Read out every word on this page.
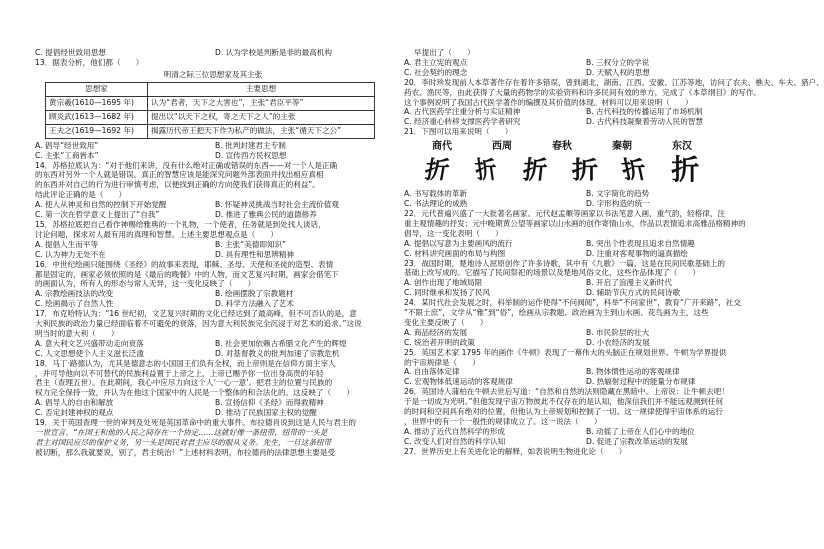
C. 提倡经世致用思想	D. 认为学校是判断是非的最高机构

13．据表分析，他们都（　　）

明清之际三位思想家及其主张

思想家	主要思想
黄宗羲(1610—1695 年)	认为“君者，天下之大害也”，主张“君臣平等”
顾炎武(1613—1682 年)	提出以“以天下之权，寄之天下之人”的主张
王夫之(1619—1692 年)	揭露历代帝王把天下作为私产的做法，主张“循天下之公”
A. 倡导“经世致用”	B. 批判封建君主专制
C. 主张“工商皆本”	D. 宣传西方民权思想

14．苏格拉底认为：“对于他们来讲，没有什么绝对正确或错误的东西——对一个人是正确

的东西对另外一个人就是错误。真正的智慧应该是能深究问题外部表面并找出相应真相

的东西并对自己的行为进行审慎考虑，以便找到正确的方向使我们获得真正的利益”。

结此评论正确的是（　　）

A. 使人从神灵和自然的控制下开始觉醒	B. 怀疑神灵挑战当时社会主流价值观
C. 第一次在哲学意义上提出了“自我”	D. 推进了雅典公民的道德修养

15．苏格拉底把自己看作神赐给雅典的一个礼物，一个使者，任务就是到处找人谈话，

讨论问题，探求对人最有用的真理和智慧。上述主要思想观点是（　　）

A. 提倡人生而平等	B. 主张“美德即知识”
C. 认为神力无处不在	D. 具有理性和思辨精神

16．中世纪绘画只能围绕《圣经》的故事来表现，耶稣、圣母、天使和圣徒的造型、表情

都是固定的，画家必须依照的是《最后的晚餐》中的人物，而文艺复兴时期，画家会借笔下

的画面认为，所有人的形态与常人无异，这一变化反映了（　　）

A. 宗教绘画技法的改变	B. 绘画摆脱了宗教题材
C. 绘画揭示了自然人性	D. 科学方法融入了艺术

17．布克哈特认为：“16 世纪初，文艺复兴时期的文化已经达到了最高峰，但不可否认的是，意

大利民族的政治力量已经面临着不可避免的衰落，因为意大利民族完全沉浸于对艺术的追求。”这说

明当时的意大利（　　）

A. 意大利文艺兴盛带动走向衰落	B. 社会更加依赖古希腊文化产生的辉煌
C. 人文思想使个人主义滋长泛滥	D. 对基督教义的批判加速了宗教危机

18．马丁·路德认为，尤其是德意志的小国国王们负有全权，而上帝则是在信仰方面主宰人

，并可导他向以不可替代的民族利益置于上帝之上，上帝已赐予你一位出身高贵的年轻

君主（查理五世）。在此期间，我心中应尽力向这个人‘一心一意’。把君主的位置与民族的

权力完全保持一致，并认为在他这个国家中的人民是一个整体的和合法化的。这反映了（　　）

A. 倡导人的自由和解放	B. 宣扬信仰《圣经》而得救精神
C. 否定封建神权的观点	D. 推动了民族国家主权的觉醒

19．关于英国查理一世的审判及处死是英国革命中的重大事件。布拉德肖说到这是人民与君主的

一世宣言。“在国王和他的人民之间存在一个协定……这就好像一条纽带，纽带的一头是

君主对国民应尽的保护义务，另一头是国民对君主应尽的服从义务。先生，一旦这条纽带

被切断，那么我就要说，别了，君主统治！”上述材料表明，布拉德肖的法律思想主要是受

早提出了（　　）

A. 君主立宪的观点	B. 三权分立的学说
C. 社会契约的理念	D. 天赋人权的思想

20．李时珍发现前人本草著作存在着许多错误，曾到湖北、湖南、江西、安徽、江苏等地，访问了农夫、樵夫、车夫、猎户、

药农、渔民等，由此获得了大量的药物学的实验资料和许多民间有效的单方，完成了《本草纲目》的写作。

这个事例说明了我国古代医学著作的编撰及其价值的体现。材料可以用来说明（　　）

A. 古代医药学注重分析与实证精神	B. 古代科技的传播运用了市场机制
C. 经济重心转移支撑医药学者研究	D. 古代科技凝聚着劳动人民的智慧

21．下图可以用来说明（　　）

商代	西周	春秋	秦朝	东汉
折 折 折 折 折 折
A. 书写载体的革新	B. 文字简化的趋势
C. 书法理论的成熟	D. 字形构造的统一

22．元代普遍兴盛了一大批著名画家。元代赵孟頫等画家以书法笔意入画，重气韵，轻格律，注

重主观情趣的抒发；元中晚期黄公望等画家以山水画的创作寄情山水，作品以表情追求高雅品格精神的

倡导，这一变化表明（　　）

A. 提倡以写意为主要画风的流行	B. 突出个性表现且追求自然情趣
C. 材料讲究画面的布局与构图	D. 注重对客观事物的逼真描绘

23．战国时期，楚地诗人屈原创作了许多诗歌，其中有《九歌》一篇，这是在民间民歌基础上的

基础上改写成的。它描写了民间祭祀的场景以及楚地风俗文化，这些作品体现了（　　）

A. 创作出现了地域局限	B. 开启了浪漫主义新时代
C. 同时继承和发扬了民风	D. 辅助节庆方式的民间诗歌

24．某时代社会发展之时，科举制的运作使得“不问阀阅”，科举“不问家世”，教育“广开来路”，社交

“不限士庶”，文学从“雅”到“俗”，绘画从宗教题、政治画为主到山水画、花鸟画为主，这些

变化主要反映了（　　）

A. 商品经济的发展	B. 市民阶层的壮大
C. 统治者开明的政策	D. 小农经济的发展

25．英国艺术家 1795 年的画作《牛顿》表现了一幕伟大的头脑正在规划世界。牛顿为学界提供

的宇宙规律是（　　）

A. 自由落体定律	B. 物体惯性运动的客观规律
C. 宏观物体低速运动的客观规律	D. 热辐射过程中的能量分布规律

26．英国诗人蒲柏在牛顿去世后写道：“自然和自然的法则隐藏在黑暗中。上帝说：让牛顿去吧！

于是一切成为光明。”但他发现宇宙万物彼此不仅存在的是认知，他深信我们并不能远观测到任何

的时间和空间具有绝对的位置，但他认为上帝规划和控制了一切。这一规律使得宇宙体系的运行

，世界中的有一个一般性的规律成立了。这一说法（　　）

A. 推动了近代自然科学的形成	B. 动摇了上帝在人们心中的地位
C. 改变人们对自然的科学认知	D. 促进了宗教改革运动的发展

27．世界历史上有关进化论的解释，如表说明生物进化论（　　）
